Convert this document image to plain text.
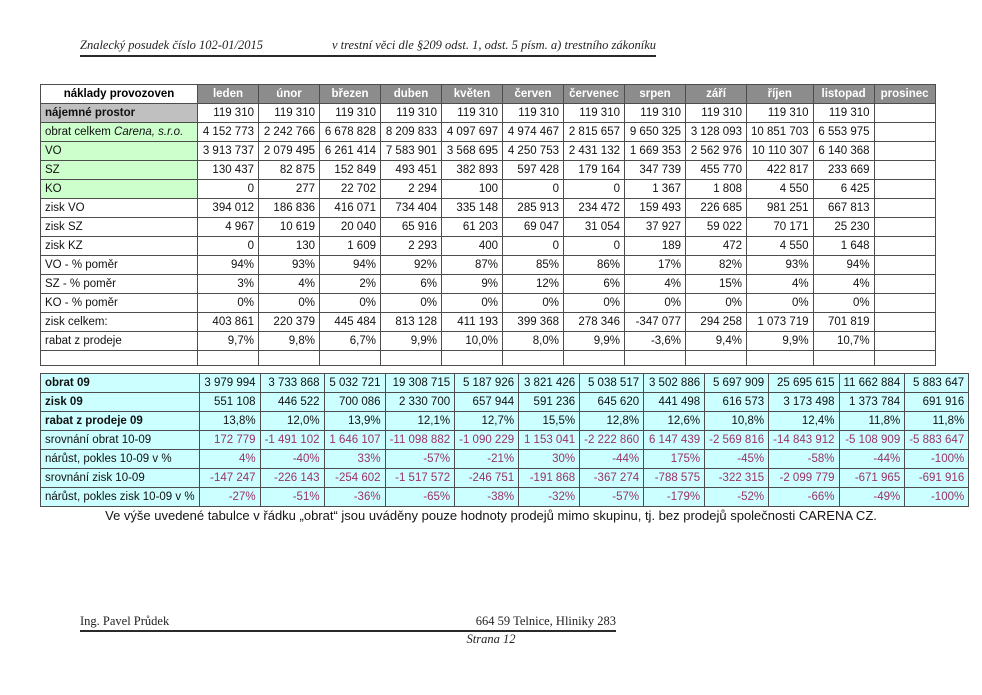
Znalecký posudek číslo 102-01/2015	v trestní věci dle §209 odst. 1, odst. 5 písm. a) trestního zákoníku
náklady provozoven	leden	únor	březen	duben	květen	červen	červenec	srpen	září	říjen	listopad	prosinec
nájemné prostor	119 310	119 310	119 310	119 310	119 310	119 310	119 310	119 310	119 310	119 310	119 310	
obrat celkem Carena, s.r.o.	4 152 773	2 242 766	6 678 828	8 209 833	4 097 697	4 974 467	2 815 657	9 650 325	3 128 093	10 851 703	6 553 975	
VO	3 913 737	2 079 495	6 261 414	7 583 901	3 568 695	4 250 753	2 431 132	1 669 353	2 562 976	10 110 307	6 140 368	
SZ	130 437	82 875	152 849	493 451	382 893	597 428	179 164	347 739	455 770	422 817	233 669	
KO	0	277	22 702	2 294	100	0	0	1 367	1 808	4 550	6 425	
zisk VO	394 012	186 836	416 071	734 404	335 148	285 913	234 472	159 493	226 685	981 251	667 813	
zisk SZ	4 967	10 619	20 040	65 916	61 203	69 047	31 054	37 927	59 022	70 171	25 230	
zisk KZ	0	130	1 609	2 293	400	0	0	189	472	4 550	1 648	
VO - % poměr	94%	93%	94%	92%	87%	85%	86%	17%	82%	93%	94%	
SZ - % poměr	3%	4%	2%	6%	9%	12%	6%	4%	15%	4%	4%	
KO - % poměr	0%	0%	0%	0%	0%	0%	0%	0%	0%	0%	0%	
zisk celkem:	403 861	220 379	445 484	813 128	411 193	399 368	278 346	-347 077	294 258	1 073 719	701 819	
rabat z prodeje	9,7%	9,8%	6,7%	9,9%	10,0%	8,0%	9,9%	-3,6%	9,4%	9,9%	10,7%	

obrat 09	3 979 994	3 733 868	5 032 721	19 308 715	5 187 926	3 821 426	5 038 517	3 502 886	5 697 909	25 695 615	11 662 884	5 883 647
zisk 09	551 108	446 522	700 086	2 330 700	657 944	591 236	645 620	441 498	616 573	3 173 498	1 373 784	691 916
rabat z prodeje 09	13,8%	12,0%	13,9%	12,1%	12,7%	15,5%	12,8%	12,6%	10,8%	12,4%	11,8%	11,8%
srovnání obrat 10-09	172 779	-1 491 102	1 646 107	-11 098 882	-1 090 229	1 153 041	-2 222 860	6 147 439	-2 569 816	-14 843 912	-5 108 909	-5 883 647
nárůst, pokles 10-09 v %	4%	-40%	33%	-57%	-21%	30%	-44%	175%	-45%	-58%	-44%	-100%
srovnání zisk 10-09	-147 247	-226 143	-254 602	-1 517 572	-246 751	-191 868	-367 274	-788 575	-322 315	-2 099 779	-671 965	-691 916
nárůst, pokles zisk 10-09 v %	-27%	-51%	-36%	-65%	-38%	-32%	-57%	-179%	-52%	-66%	-49%	-100%
Ve výše uvedené tabulce v řádku „obrat“ jsou uváděny pouze hodnoty prodejů mimo skupinu, tj. bez prodejů společnosti CARENA CZ.
Ing. Pavel Průdek	664 59 Telnice, Hliniky 283
Strana 12
